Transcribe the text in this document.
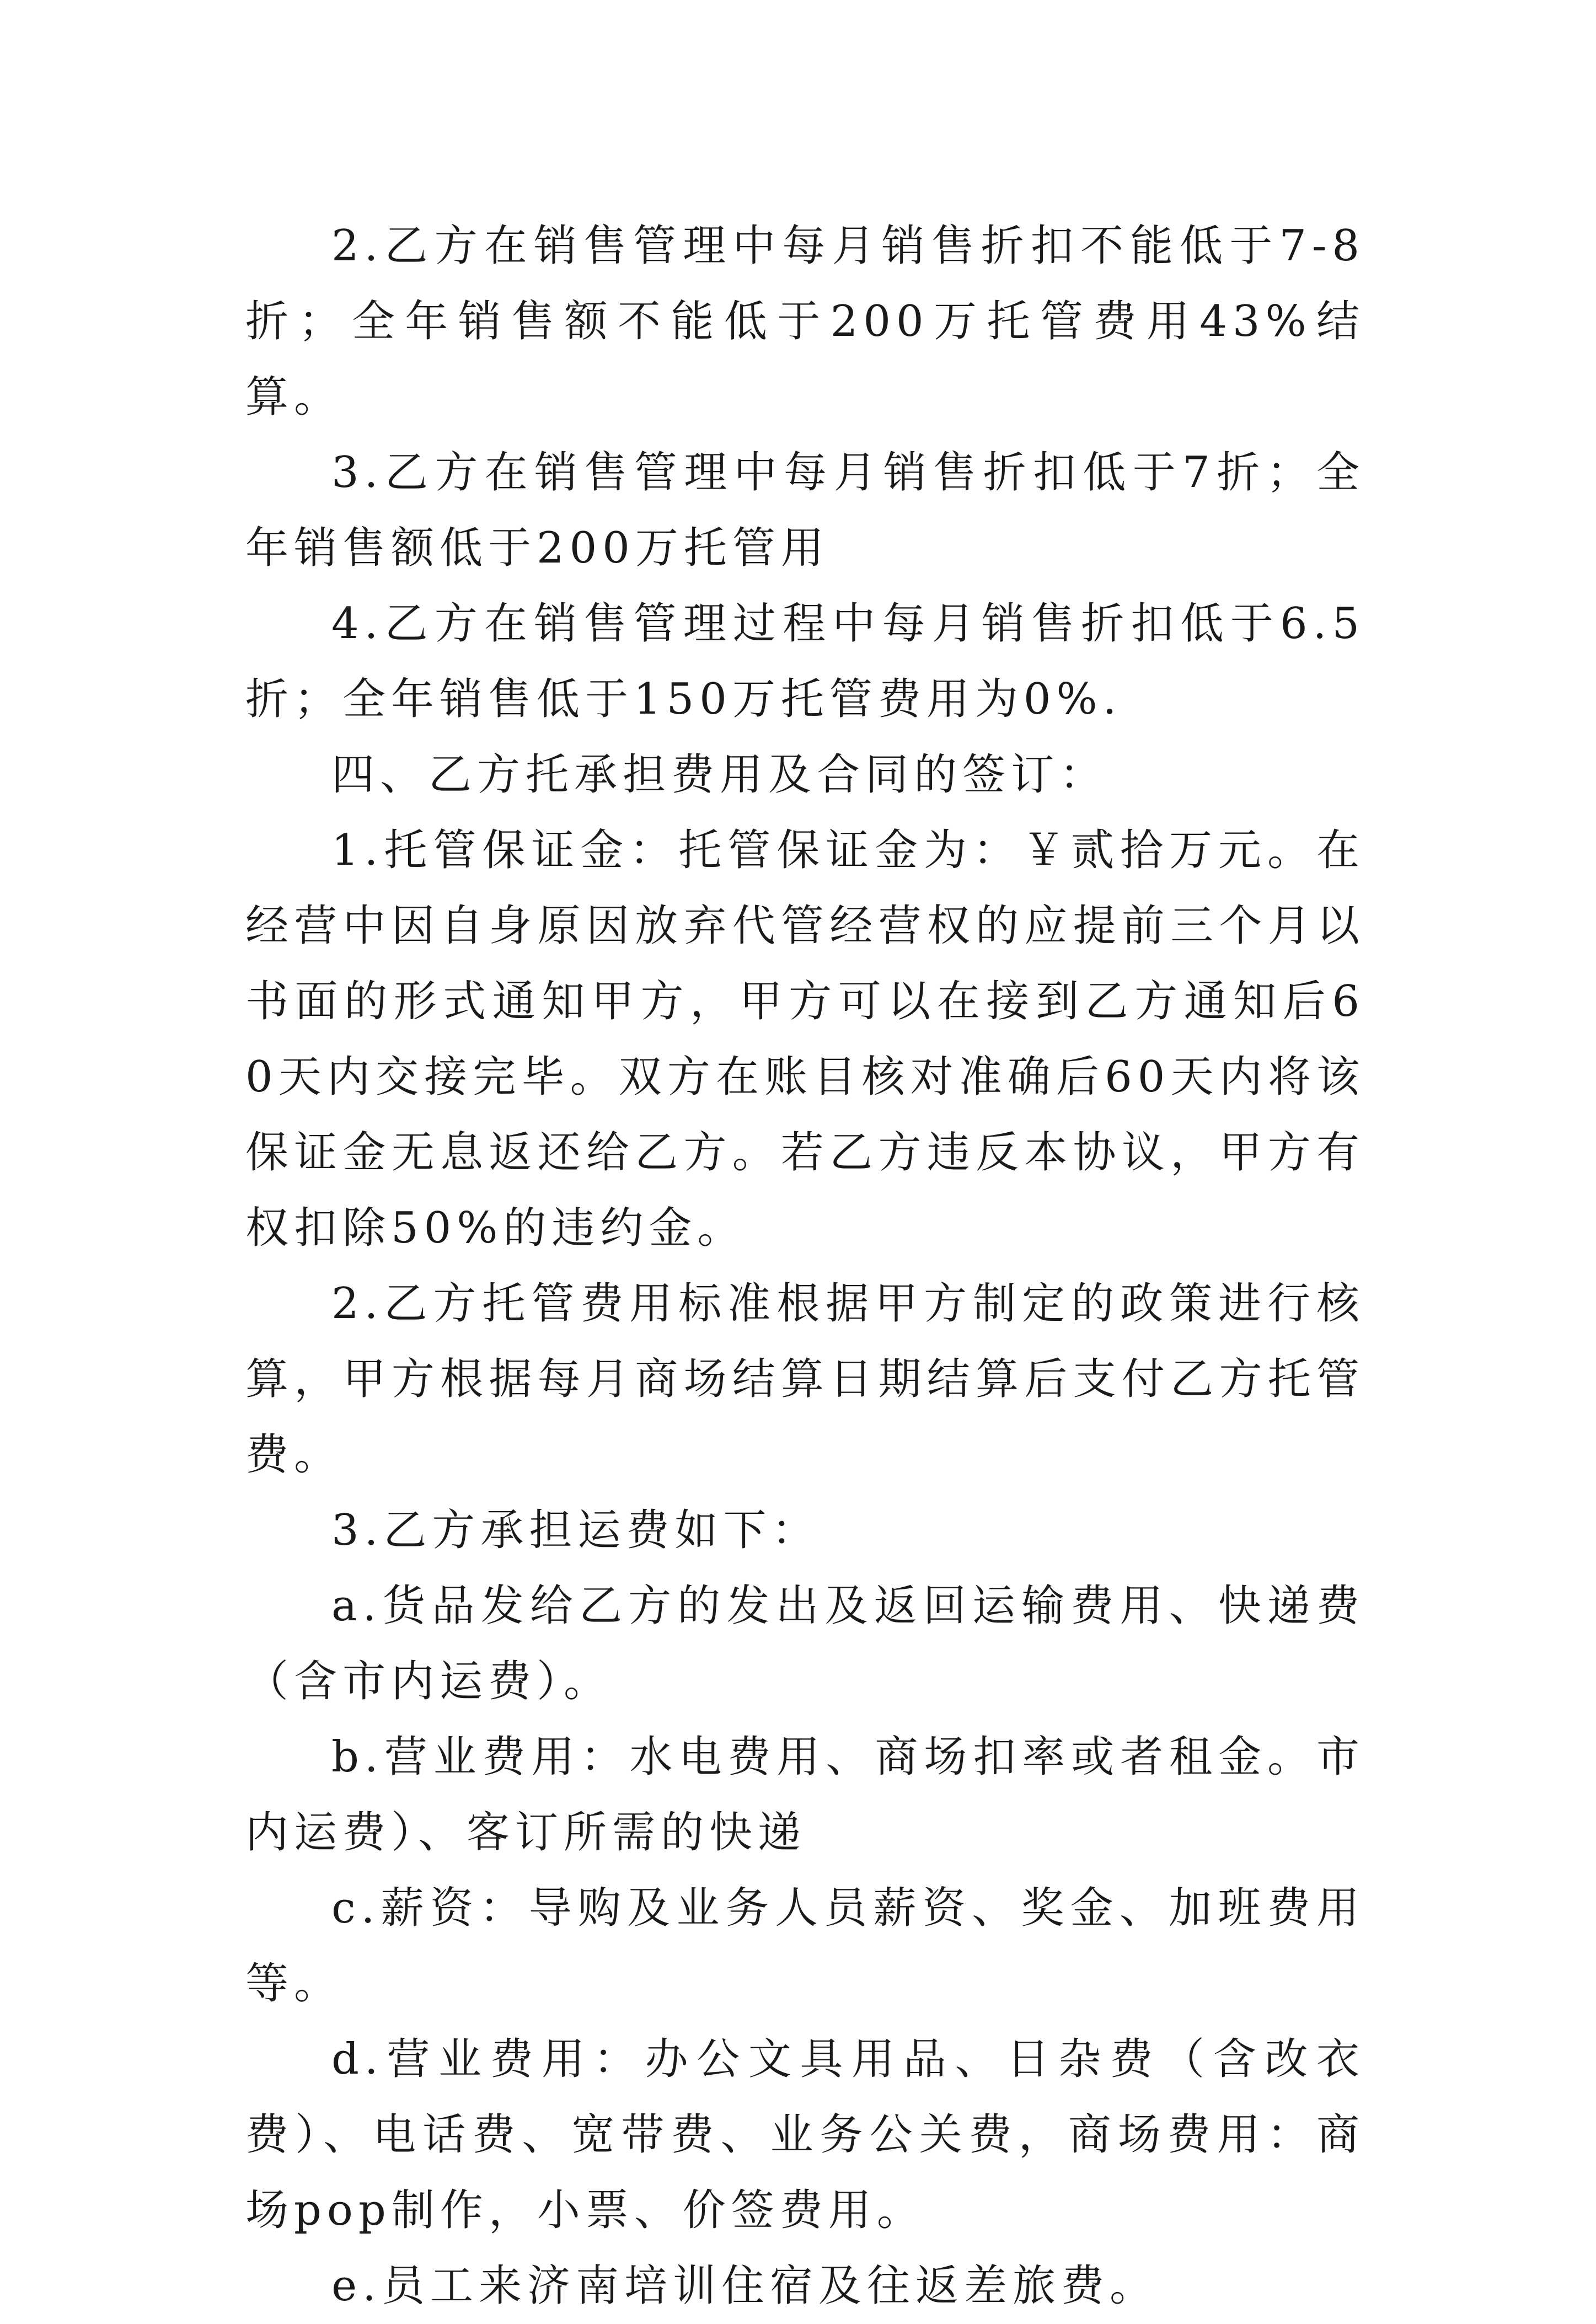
2.乙方在销售管理中每月销售折扣不能低于7-8折；全年销售额不能低于200万托管费用43%结算。

3.乙方在销售管理中每月销售折扣低于7折；全年销售额低于200万托管用

4.乙方在销售管理过程中每月销售折扣低于6.5折；全年销售低于150万托管费用为0%.

四、乙方托承担费用及合同的签订：

1.托管保证金：托管保证金为：￥贰拾万元。在经营中因自身原因放弃代管经营权的应提前三个月以书面的形式通知甲方，甲方可以在接到乙方通知后60天内交接完毕。双方在账目核对准确后60天内将该保证金无息返还给乙方。若乙方违反本协议，甲方有权扣除50%的违约金。

2.乙方托管费用标准根据甲方制定的政策进行核算，甲方根据每月商场结算日期结算后支付乙方托管费。

3.乙方承担运费如下：

a.货品发给乙方的发出及返回运输费用、快递费（含市内运费）。

b.营业费用：水电费用、商场扣率或者租金。市内运费）、客订所需的快递

c.薪资：导购及业务人员薪资、奖金、加班费用等。

d.营业费用：办公文具用品、日杂费（含改衣费）、电话费、宽带费、业务公关费，商场费用：商场pop制作，小票、价签费用。

e.员工来济南培训住宿及往返差旅费。
